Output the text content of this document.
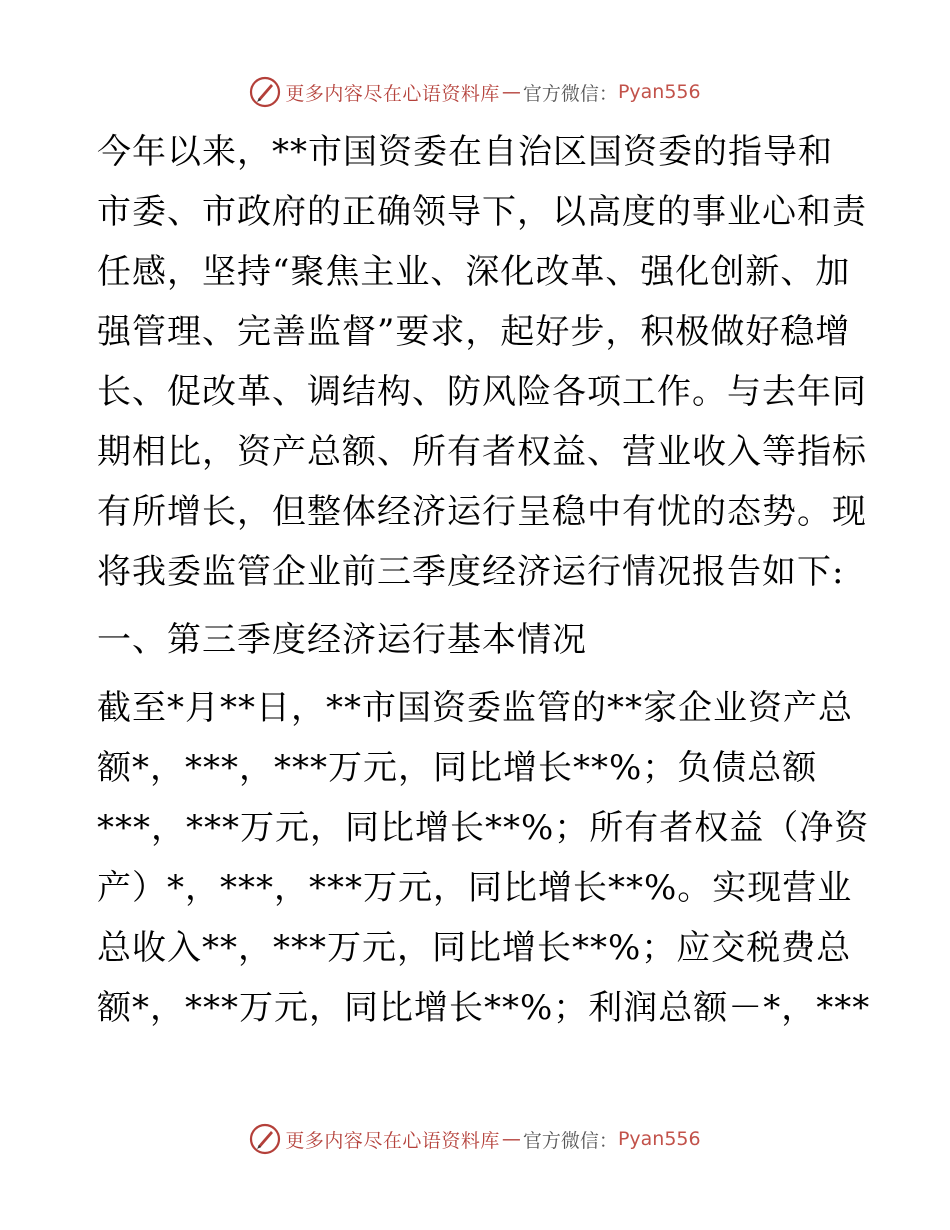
更多内容尽在心语资料库 — 官方微信： Pyan556
今年以来，**市国资委在自治区国资委的指导和
市委、市政府的正确领导下，以高度的事业心和责
任感，坚持“聚焦主业、深化改革、强化创新、加
强管理、完善监督”要求，起好步，积极做好稳增
长、促改革、调结构、防风险各项工作。与去年同
期相比，资产总额、所有者权益、营业收入等指标
有所增长，但整体经济运行呈稳中有忧的态势。现
将我委监管企业前三季度经济运行情况报告如下:
一、第三季度经济运行基本情况
截至*月**日，**市国资委监管的**家企业资产总
额*，***，***万元，同比增长**%；负债总额
***，***万元，同比增长**%；所有者权益（净资
产）*，***，***万元，同比增长**%。实现营业
总收入**，***万元，同比增长**%；应交税费总
额*，***万元，同比增长**%；利润总额－*，***
更多内容尽在心语资料库 — 官方微信： Pyan556
